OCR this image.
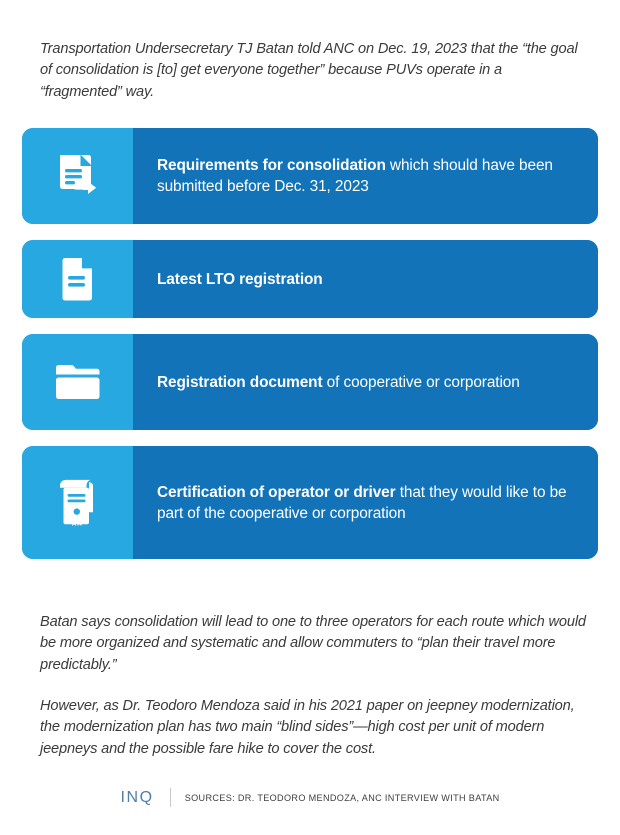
Transportation Undersecretary TJ Batan told ANC on Dec. 19, 2023 that the “the goal of consolidation is [to] get everyone together” because PUVs operate in a “fragmented” way.

Requirements for consolidation which should have been submitted before Dec. 31, 2023
Latest LTO registration
Registration document of cooperative or corporation
Certification of operator or driver that they would like to be part of the cooperative or corporation

Batan says consolidation will lead to one to three operators for each route which would be more organized and systematic and allow commuters to “plan their travel more predictably.”

However, as Dr. Teodoro Mendoza said in his 2021 paper on jeepney modernization, the modernization plan has two main “blind sides”—high cost per unit of modern jeepneys and the possible fare hike to cover the cost.

INQ	SOURCES: DR. TEODORO MENDOZA, ANC INTERVIEW WITH BATAN
